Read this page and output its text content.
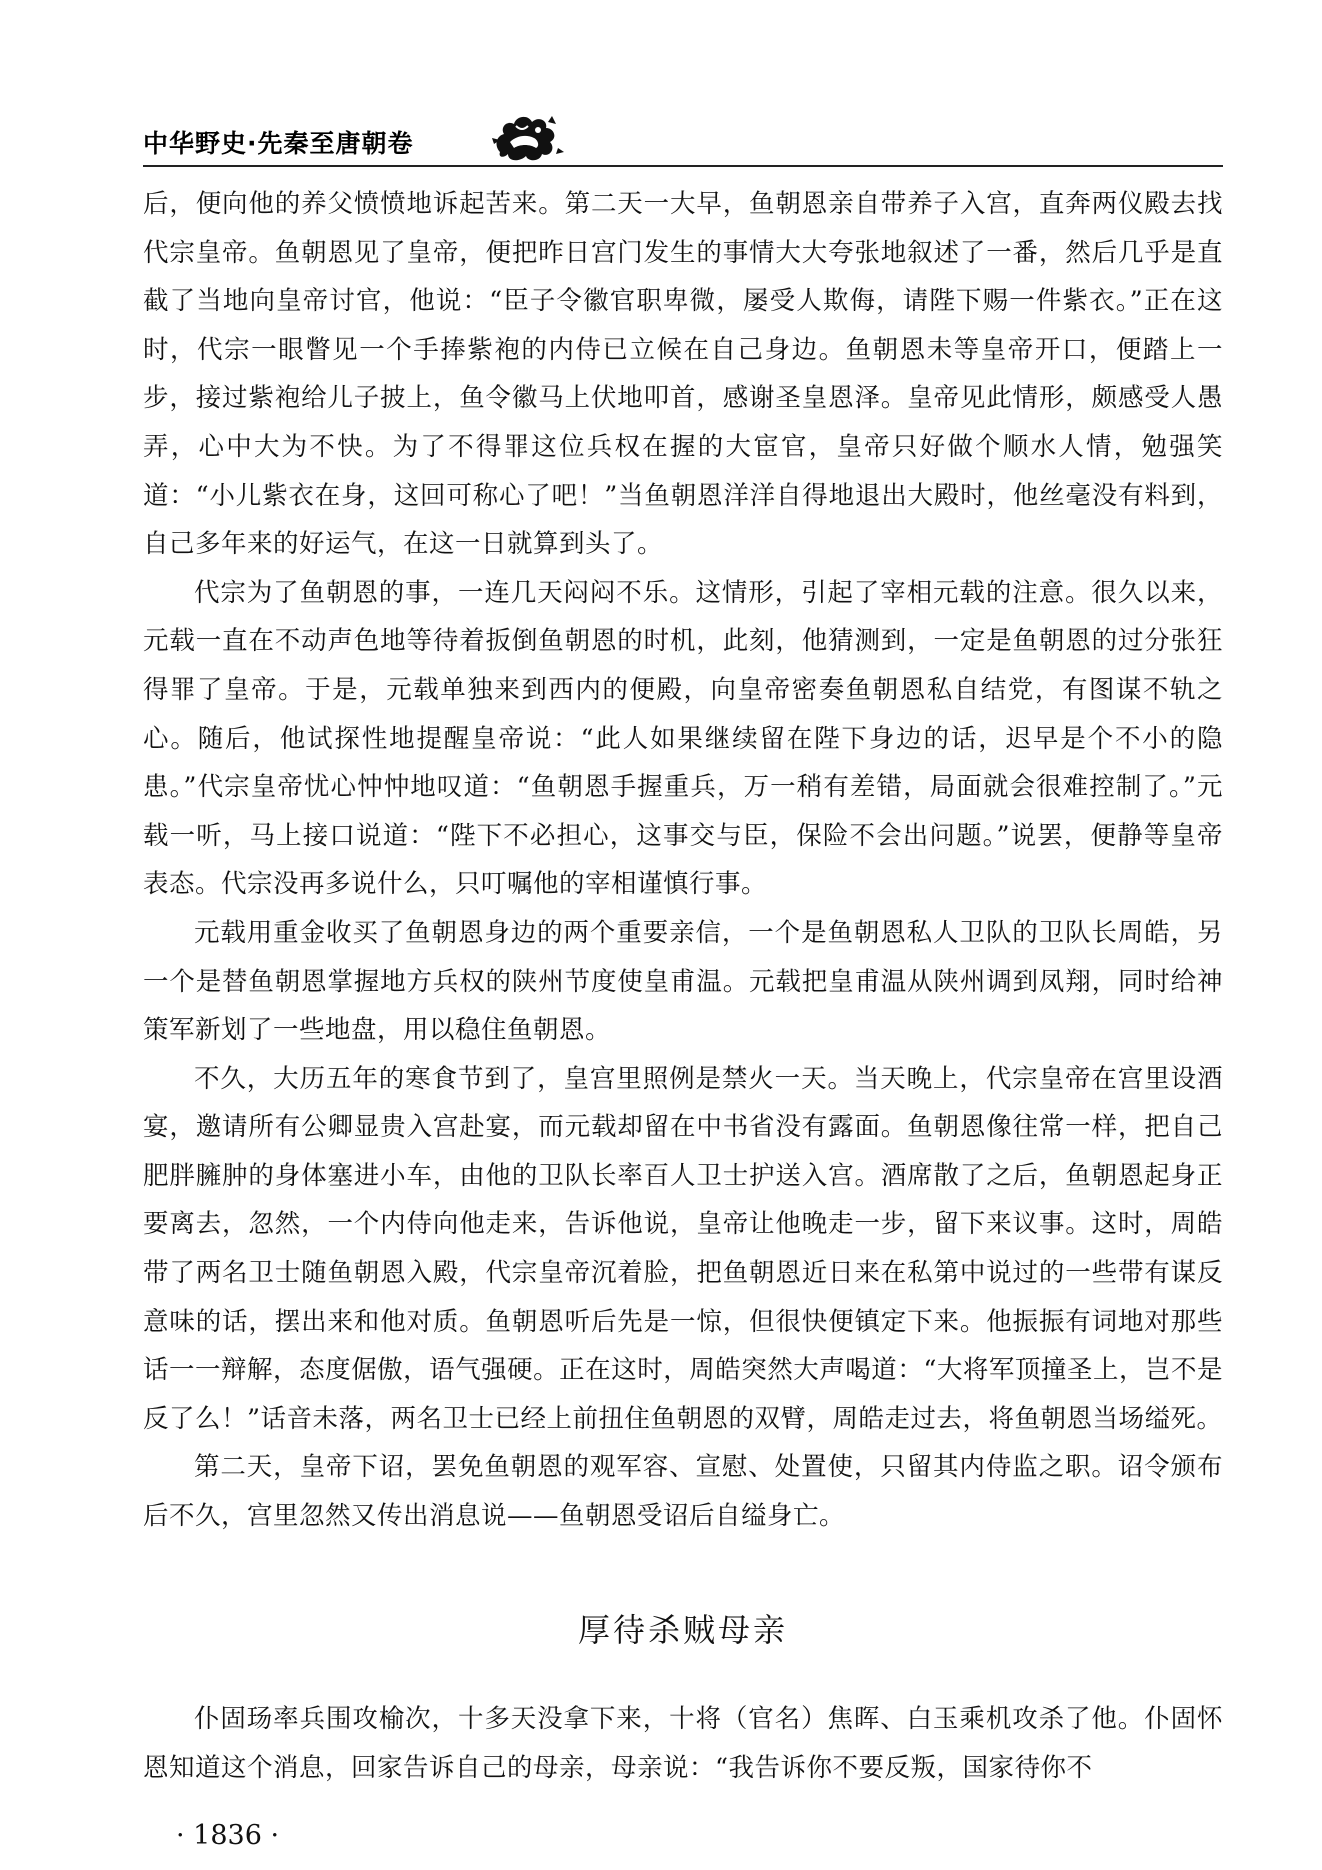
中华野史·先秦至唐朝卷

后，便向他的养父愤愤地诉起苦来。第二天一大早，鱼朝恩亲自带养子入宫，直奔两仪殿去找代宗皇帝。鱼朝恩见了皇帝，便把昨日宫门发生的事情大大夸张地叙述了一番，然后几乎是直截了当地向皇帝讨官，他说：“臣子令徽官职卑微，屡受人欺侮，请陛下赐一件紫衣。”正在这时，代宗一眼瞥见一个手捧紫袍的内侍已立候在自己身边。鱼朝恩未等皇帝开口，便踏上一步，接过紫袍给儿子披上，鱼令徽马上伏地叩首，感谢圣皇恩泽。皇帝见此情形，颇感受人愚弄，心中大为不快。为了不得罪这位兵权在握的大宦官，皇帝只好做个顺水人情，勉强笑道：“小儿紫衣在身，这回可称心了吧！”当鱼朝恩洋洋自得地退出大殿时，他丝毫没有料到，自己多年来的好运气，在这一日就算到头了。

代宗为了鱼朝恩的事，一连几天闷闷不乐。这情形，引起了宰相元载的注意。很久以来，元载一直在不动声色地等待着扳倒鱼朝恩的时机，此刻，他猜测到，一定是鱼朝恩的过分张狂得罪了皇帝。于是，元载单独来到西内的便殿，向皇帝密奏鱼朝恩私自结党，有图谋不轨之心。随后，他试探性地提醒皇帝说：“此人如果继续留在陛下身边的话，迟早是个不小的隐患。”代宗皇帝忧心忡忡地叹道：“鱼朝恩手握重兵，万一稍有差错，局面就会很难控制了。”元载一听，马上接口说道：“陛下不必担心，这事交与臣，保险不会出问题。”说罢，便静等皇帝表态。代宗没再多说什么，只叮嘱他的宰相谨慎行事。

元载用重金收买了鱼朝恩身边的两个重要亲信，一个是鱼朝恩私人卫队的卫队长周皓，另一个是替鱼朝恩掌握地方兵权的陕州节度使皇甫温。元载把皇甫温从陕州调到凤翔，同时给神策军新划了一些地盘，用以稳住鱼朝恩。

不久，大历五年的寒食节到了，皇宫里照例是禁火一天。当天晚上，代宗皇帝在宫里设酒宴，邀请所有公卿显贵入宫赴宴，而元载却留在中书省没有露面。鱼朝恩像往常一样，把自己肥胖臃肿的身体塞进小车，由他的卫队长率百人卫士护送入宫。酒席散了之后，鱼朝恩起身正要离去，忽然，一个内侍向他走来，告诉他说，皇帝让他晚走一步，留下来议事。这时，周皓带了两名卫士随鱼朝恩入殿，代宗皇帝沉着脸，把鱼朝恩近日来在私第中说过的一些带有谋反意味的话，摆出来和他对质。鱼朝恩听后先是一惊，但很快便镇定下来。他振振有词地对那些话一一辩解，态度倨傲，语气强硬。正在这时，周皓突然大声喝道：“大将军顶撞圣上，岂不是反了么！”话音未落，两名卫士已经上前扭住鱼朝恩的双臂，周皓走过去，将鱼朝恩当场缢死。

第二天，皇帝下诏，罢免鱼朝恩的观军容、宣慰、处置使，只留其内侍监之职。诏令颁布后不久，宫里忽然又传出消息说——鱼朝恩受诏后自缢身亡。

厚待杀贼母亲

仆固玚率兵围攻榆次，十多天没拿下来，十将（官名）焦晖、白玉乘机攻杀了他。仆固怀恩知道这个消息，回家告诉自己的母亲，母亲说：“我告诉你不要反叛，国家待你不

· 1836 ·
